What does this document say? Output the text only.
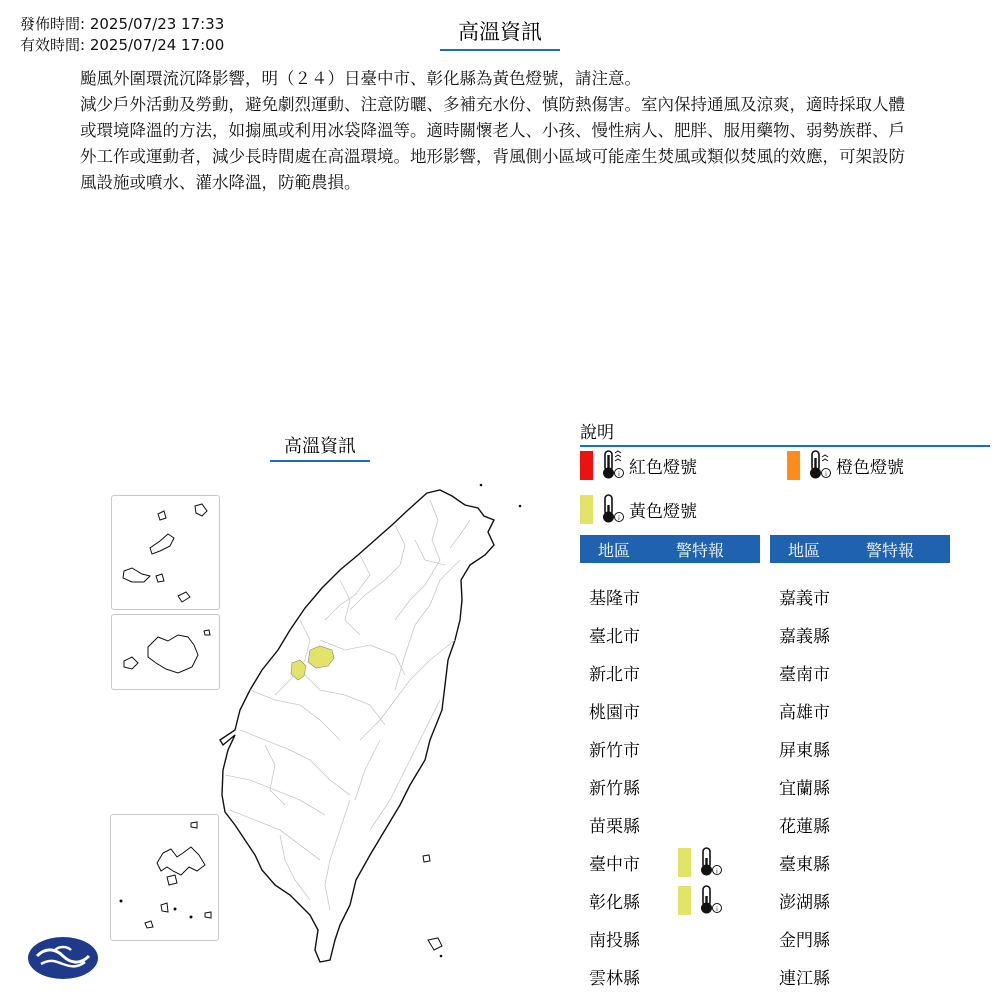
發佈時間: 2025/07/23 17:33
有效時間: 2025/07/24 17:00
高溫資訊

颱風外圍環流沉降影響，明（２４）日臺中市、彰化縣為黃色燈號，請注意。

減少戶外活動及勞動，避免劇烈運動、注意防曬、多補充水份、慎防熱傷害。室內保持通風及涼爽，適時採取人體或環境降溫的方法，如搧風或利用冰袋降溫等。適時關懷老人、小孩、慢性病人、肥胖、服用藥物、弱勢族群、戶外工作或運動者，減少長時間處在高溫環境。地形影響，背風側小區域可能產生焚風或類似焚風的效應，可架設防風設施或噴水、灌水降溫，防範農損。

高溫資訊
說明
i 紅色燈號	i 橙色燈號
i 黃色燈號
地區	警特報	地區	警特報
基隆市
臺北市
新北市
桃園市
新竹市
新竹縣
苗栗縣
臺中市	i
彰化縣	i
南投縣
雲林縣
嘉義市
嘉義縣
臺南市
高雄市
屏東縣
宜蘭縣
花蓮縣
臺東縣
澎湖縣
金門縣
連江縣
